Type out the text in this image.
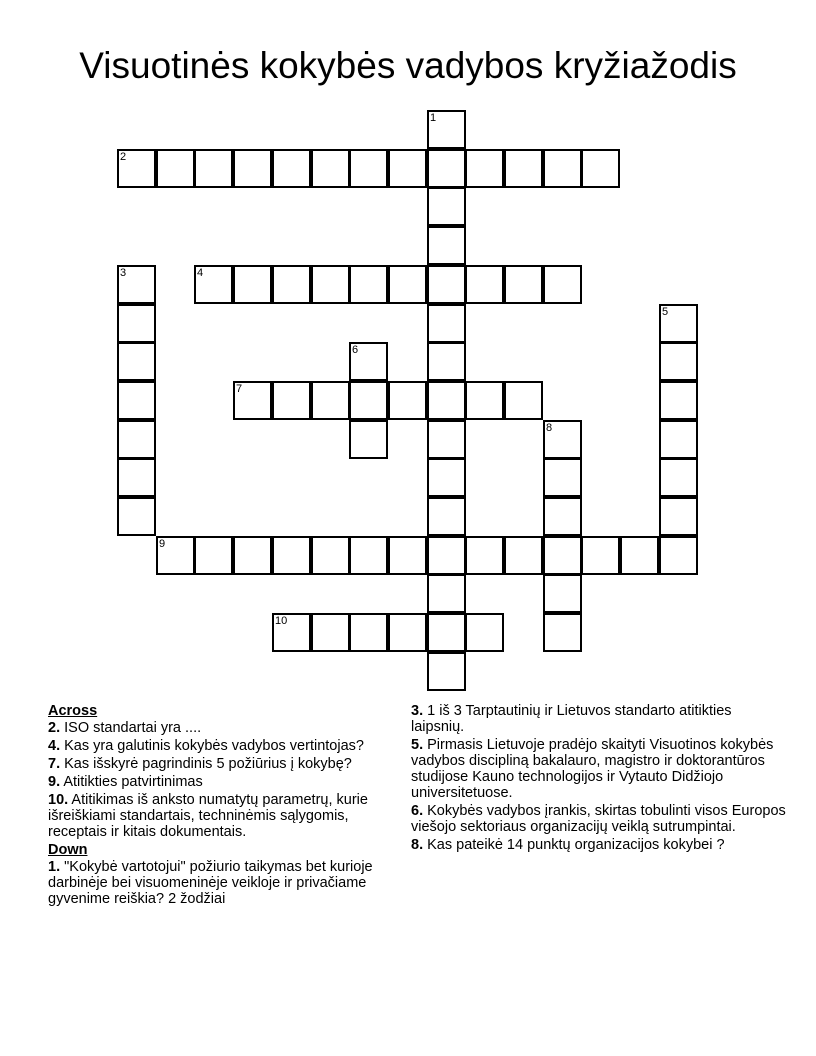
Visuotinės kokybės vadybos kryžiažodis
1
2
3	4
5
6
7
8
9
10
Across
2. ISO standartai yra ....
4. Kas yra galutinis kokybės vadybos vertintojas?
7. Kas išskyrė pagrindinis 5 požiūrius į kokybę?
9. Atitikties patvirtinimas
10. Atitikimas iš anksto numatytų parametrų, kurie išreiškiami standartais, techninėmis sąlygomis, receptais ir kitais dokumentais.
Down
1. "Kokybė vartotojui" požiurio taikymas bet kurioje darbinėje bei visuomeninėje veikloje ir privačiame gyvenime reiškia? 2 žodžiai
3. 1 iš 3 Tarptautinių ir Lietuvos standarto atitikties laipsnių.
5. Pirmasis Lietuvoje pradėjo skaityti Visuotinos kokybės vadybos discipliną bakalauro, magistro ir doktorantūros studijose Kauno technologijos ir Vytauto Didžiojo universitetuose.
6. Kokybės vadybos įrankis, skirtas tobulinti visos Europos viešojo sektoriaus organizacijų veiklą sutrumpintai.
8. Kas pateikė 14 punktų organizacijos kokybei ?
